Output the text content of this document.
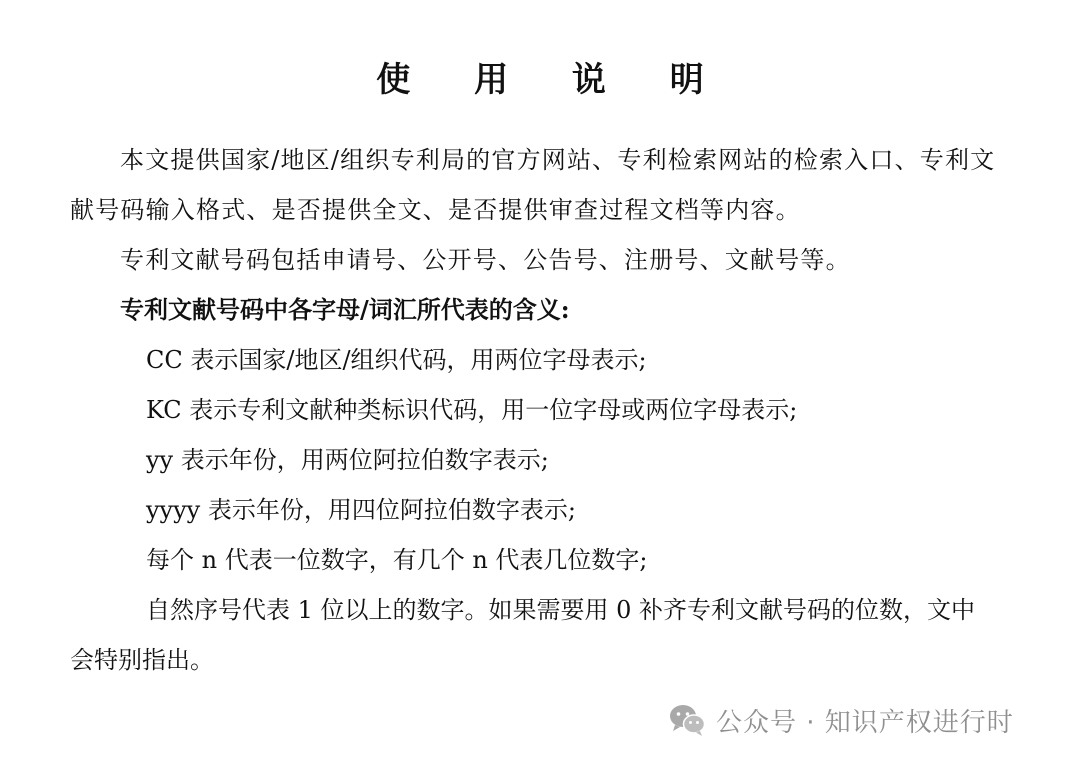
使 用 说 明
本文提供国家/地区/组织专利局的官方网站、专利检索网站的检索入口、专利文
献号码输入格式、是否提供全文、是否提供审查过程文档等内容。
专利文献号码包括申请号、公开号、公告号、注册号、文献号等。
专利文献号码中各字母/词汇所代表的含义:
CC 表示国家/地区/组织代码，用两位字母表示;
KC 表示专利文献种类标识代码，用一位字母或两位字母表示;
yy 表示年份，用两位阿拉伯数字表示;
yyyy 表示年份，用四位阿拉伯数字表示;
每个 n 代表一位数字，有几个 n 代表几位数字;
自然序号代表 1 位以上的数字。如果需要用 0 补齐专利文献号码的位数，文中
会特别指出。
公众号 · 知识产权进行时
